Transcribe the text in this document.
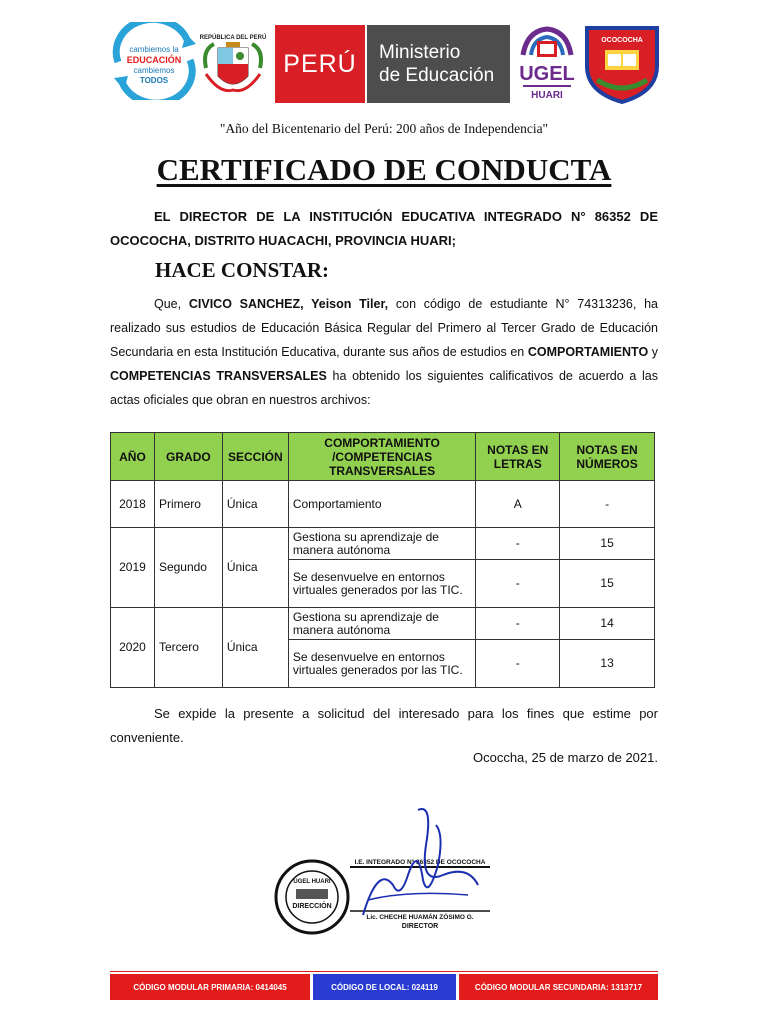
cambiemos la
EDUCACIÓN
cambiemos
TODOS
REPÚBLICA DEL PERÚ
PERÚ Ministerio
de Educación	UGEL
HUARI
OCOCOCHA
"Año del Bicentenario del Perú: 200 años de Independencia"
CERTIFICADO DE CONDUCTA
EL DIRECTOR DE LA INSTITUCIÓN EDUCATIVA INTEGRADO N° 86352 DE OCOCOCHA, DISTRITO HUACACHI, PROVINCIA HUARI;
HACE CONSTAR:
Que, CIVICO SANCHEZ, Yeison Tiler, con código de estudiante N° 74313236, ha realizado sus estudios de Educación Básica Regular del Primero al Tercer Grado de Educación Secundaria en esta Institución Educativa, durante sus años de estudios en COMPORTAMIENTO y COMPETENCIAS TRANSVERSALES ha obtenido los siguientes calificativos de acuerdo a las actas oficiales que obran en nuestros archivos:
AÑO	GRADO	SECCIÓN	COMPORTAMIENTO /COMPETENCIAS TRANSVERSALES	NOTAS EN LETRAS	NOTAS EN NÚMEROS
2018	Primero	Única	Comportamiento	A	-
2019	Segundo	Única	Gestiona su aprendizaje de manera autónoma	-	15
			Se desenvuelve en entornos virtuales generados por las TIC.	-	15
2020	Tercero	Única	Gestiona su aprendizaje de manera autónoma	-	14
			Se desenvuelve en entornos virtuales generados por las TIC.	-	13
Se expide la presente a solicitud del interesado para los fines que estime por conveniente.
Ococcha, 25 de marzo de 2021.
UGEL HUARI
DIRECCIÓN
I.E. INTEGRADO N° 86352 DE OCOCOCHA
Lic. CHECHE HUAMÁN ZÓSIMO G.
DIRECTOR
CÓDIGO MODULAR PRIMARIA: 0414045	CÓDIGO DE LOCAL: 024119	CÓDIGO MODULAR SECUNDARIA: 1313717
